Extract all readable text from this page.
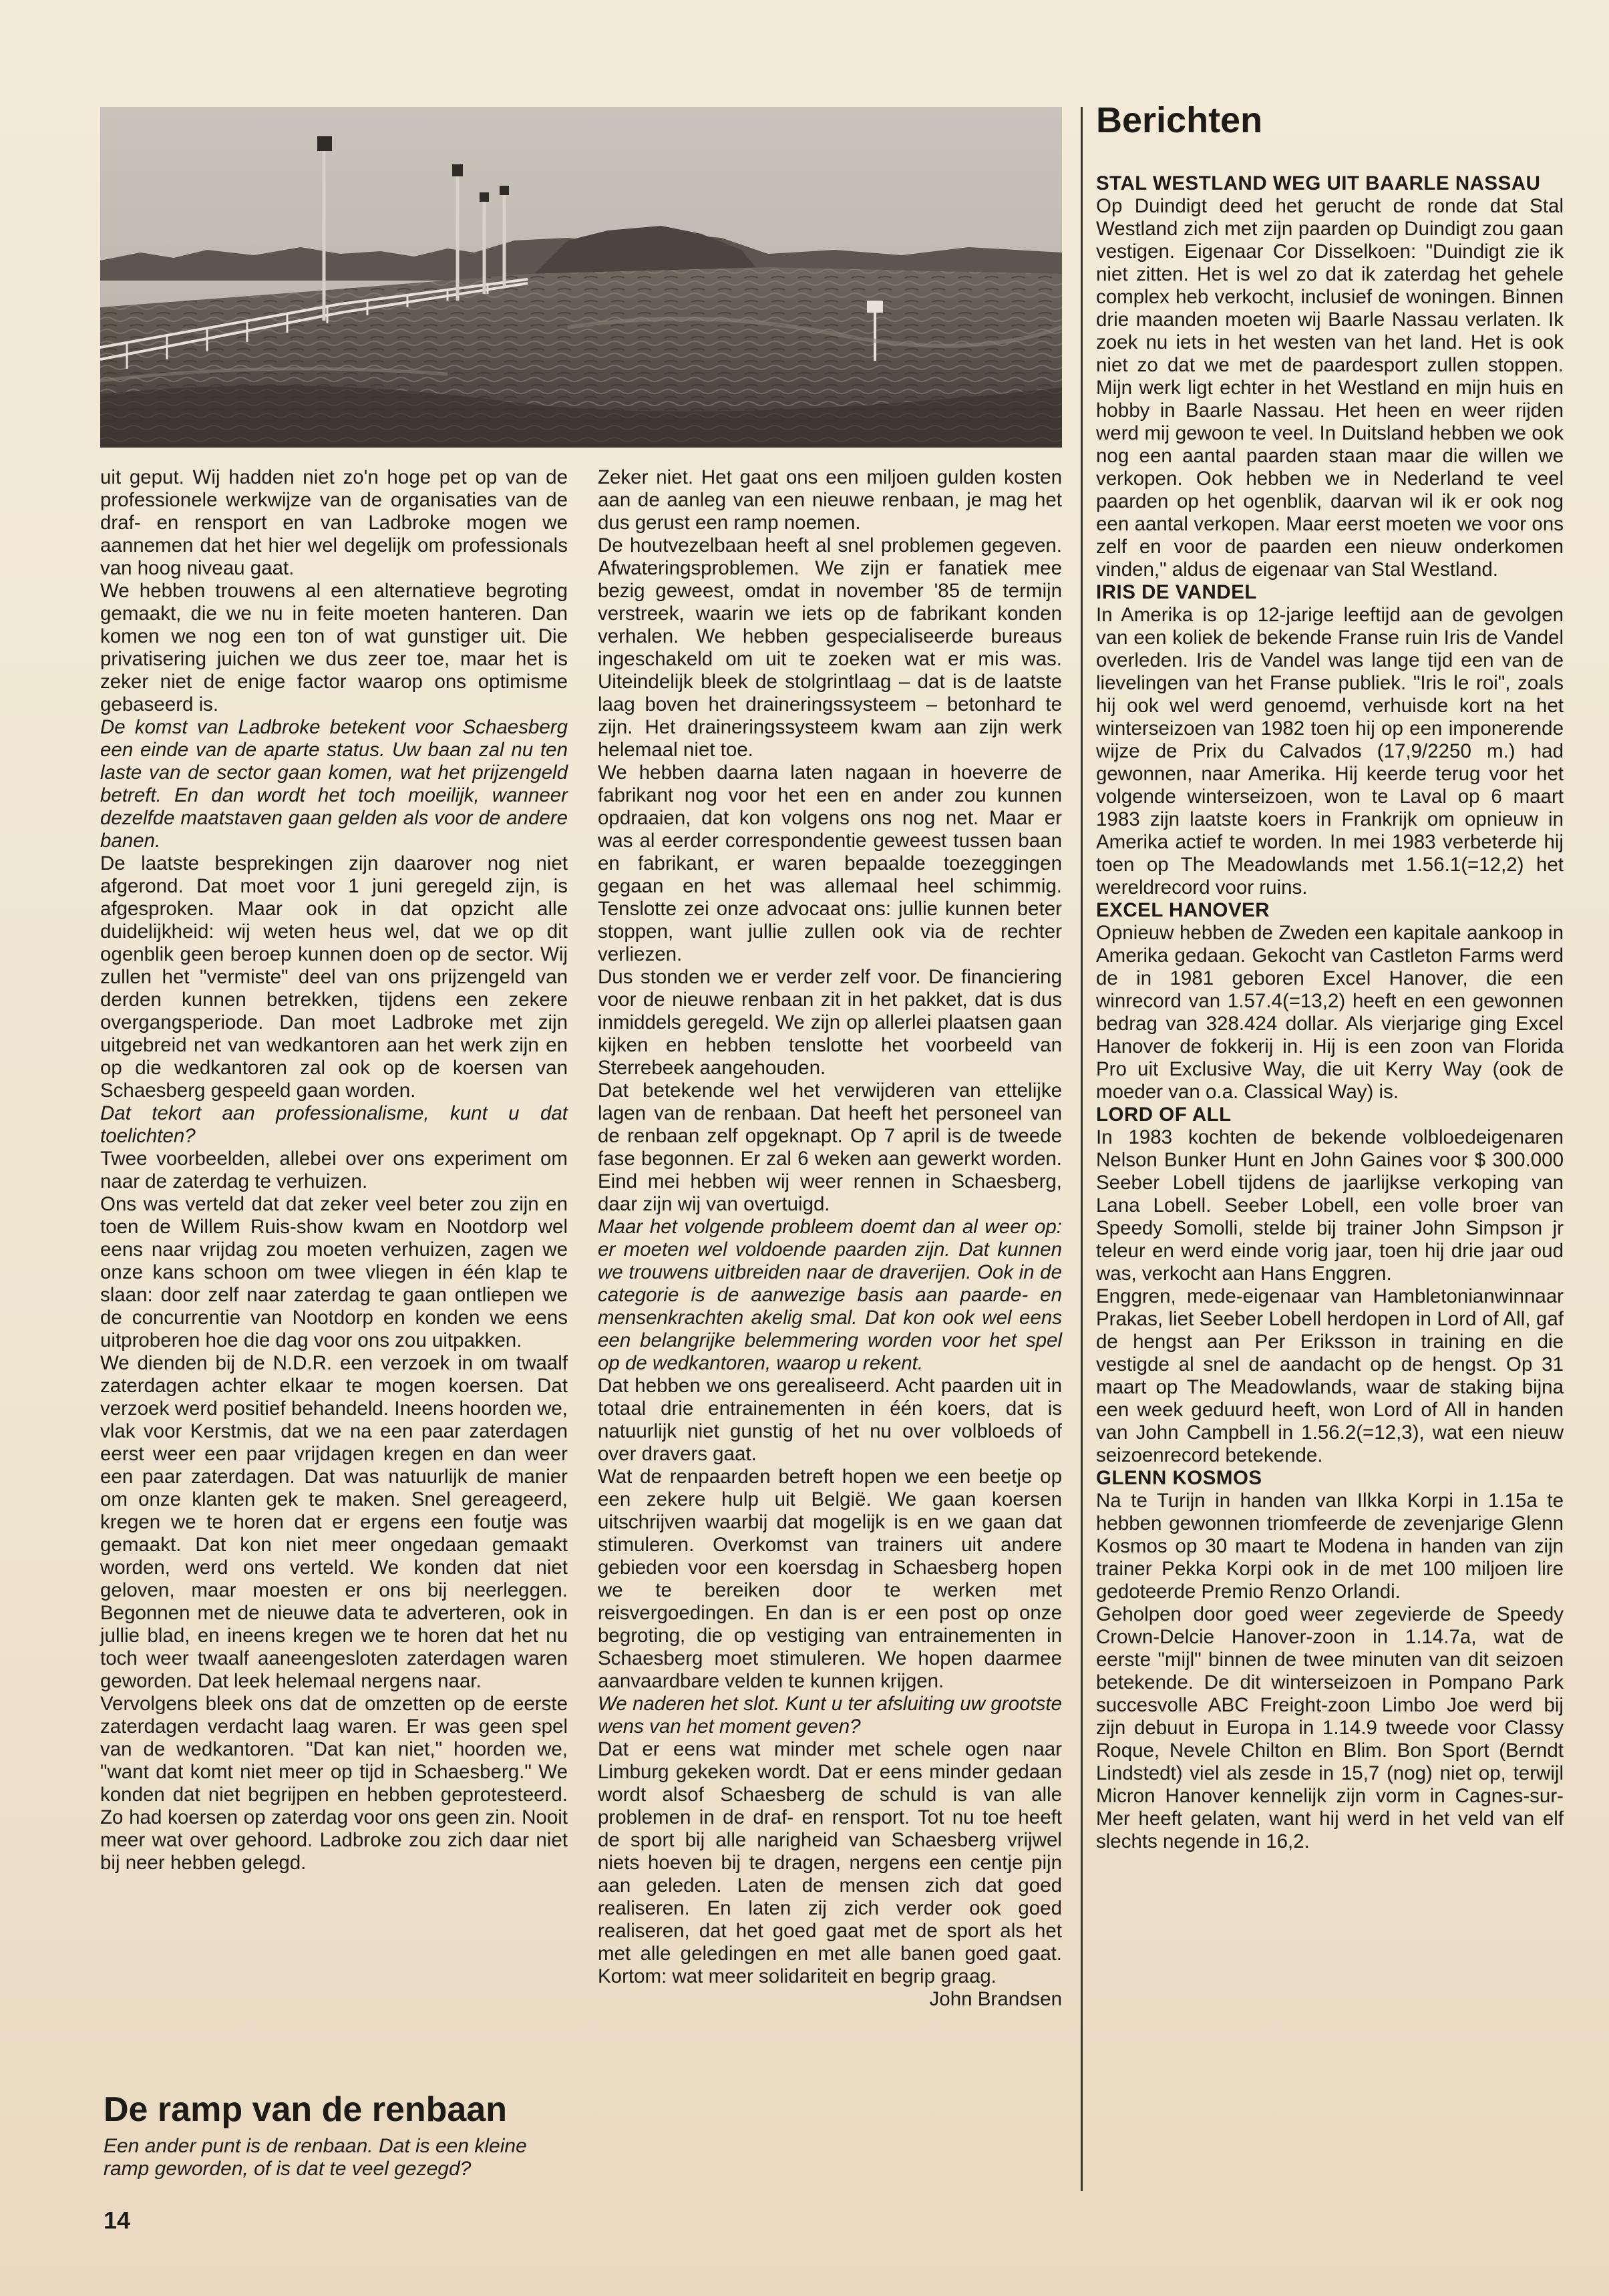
uit geput. Wij hadden niet zo'n hoge pet op van de professionele werkwijze van de organisaties van de draf- en rensport en van Ladbroke mogen we aannemen dat het hier wel degelijk om professionals van hoog niveau gaat.

We hebben trouwens al een alternatieve begroting gemaakt, die we nu in feite moeten hanteren. Dan komen we nog een ton of wat gunstiger uit. Die privatisering juichen we dus zeer toe, maar het is zeker niet de enige factor waarop ons optimisme gebaseerd is.

De komst van Ladbroke betekent voor Schaesberg een einde van de aparte status. Uw baan zal nu ten laste van de sector gaan komen, wat het prijzengeld betreft. En dan wordt het toch moeilijk, wanneer dezelfde maatstaven gaan gelden als voor de andere banen.

De laatste besprekingen zijn daarover nog niet afgerond. Dat moet voor 1 juni geregeld zijn, is afgesproken. Maar ook in dat opzicht alle duidelijkheid: wij weten heus wel, dat we op dit ogenblik geen beroep kunnen doen op de sector. Wij zullen het "vermiste" deel van ons prijzengeld van derden kunnen betrekken, tijdens een zekere overgangsperiode. Dan moet Ladbroke met zijn uitgebreid net van wedkantoren aan het werk zijn en op die wedkantoren zal ook op de koersen van Schaesberg gespeeld gaan worden.

Dat tekort aan professionalisme, kunt u dat toelichten?

Twee voorbeelden, allebei over ons experiment om naar de zaterdag te verhuizen.

Ons was verteld dat dat zeker veel beter zou zijn en toen de Willem Ruis-show kwam en Nootdorp wel eens naar vrijdag zou moeten verhuizen, zagen we onze kans schoon om twee vliegen in één klap te slaan: door zelf naar zaterdag te gaan ontliepen we de concurrentie van Nootdorp en konden we eens uitproberen hoe die dag voor ons zou uitpakken.

We dienden bij de N.D.R. een verzoek in om twaalf zaterdagen achter elkaar te mogen koersen. Dat verzoek werd positief behandeld. Ineens hoorden we, vlak voor Kerstmis, dat we na een paar zaterdagen eerst weer een paar vrijdagen kregen en dan weer een paar zaterdagen. Dat was natuurlijk de manier om onze klanten gek te maken. Snel gereageerd, kregen we te horen dat er ergens een foutje was gemaakt. Dat kon niet meer ongedaan gemaakt worden, werd ons verteld. We konden dat niet geloven, maar moesten er ons bij neerleggen. Begonnen met de nieuwe data te adverteren, ook in jullie blad, en ineens kregen we te horen dat het nu toch weer twaalf aaneengesloten zaterdagen waren geworden. Dat leek helemaal nergens naar.

Vervolgens bleek ons dat de omzetten op de eerste zaterdagen verdacht laag waren. Er was geen spel van de wedkantoren. "Dat kan niet," hoorden we, "want dat komt niet meer op tijd in Schaesberg." We konden dat niet begrijpen en hebben geprotesteerd. Zo had koersen op zaterdag voor ons geen zin. Nooit meer wat over gehoord. Ladbroke zou zich daar niet bij neer hebben gelegd.

Zeker niet. Het gaat ons een miljoen gulden kosten aan de aanleg van een nieuwe renbaan, je mag het dus gerust een ramp noemen.

De houtvezelbaan heeft al snel problemen gegeven. Afwateringsproblemen. We zijn er fanatiek mee bezig geweest, omdat in november '85 de termijn verstreek, waarin we iets op de fabrikant konden verhalen. We hebben gespecialiseerde bureaus ingeschakeld om uit te zoeken wat er mis was. Uiteindelijk bleek de stolgrintlaag – dat is de laatste laag boven het draineringssysteem – betonhard te zijn. Het draineringssysteem kwam aan zijn werk helemaal niet toe.

We hebben daarna laten nagaan in hoeverre de fabrikant nog voor het een en ander zou kunnen opdraaien, dat kon volgens ons nog net. Maar er was al eerder correspondentie geweest tussen baan en fabrikant, er waren bepaalde toezeggingen gegaan en het was allemaal heel schimmig. Tenslotte zei onze advocaat ons: jullie kunnen beter stoppen, want jullie zullen ook via de rechter verliezen.

Dus stonden we er verder zelf voor. De financiering voor de nieuwe renbaan zit in het pakket, dat is dus inmiddels geregeld. We zijn op allerlei plaatsen gaan kijken en hebben tenslotte het voorbeeld van Sterrebeek aangehouden.

Dat betekende wel het verwijderen van ettelijke lagen van de renbaan. Dat heeft het personeel van de renbaan zelf opgeknapt. Op 7 april is de tweede fase begonnen. Er zal 6 weken aan gewerkt worden. Eind mei hebben wij weer rennen in Schaesberg, daar zijn wij van overtuigd.

Maar het volgende probleem doemt dan al weer op: er moeten wel voldoende paarden zijn. Dat kunnen we trouwens uitbreiden naar de draverijen. Ook in de categorie is de aanwezige basis aan paarde- en mensenkrachten akelig smal. Dat kon ook wel eens een belangrijke belemmering worden voor het spel op de wedkantoren, waarop u rekent.

Dat hebben we ons gerealiseerd. Acht paarden uit in totaal drie entrainementen in één koers, dat is natuurlijk niet gunstig of het nu over volbloeds of over dravers gaat.

Wat de renpaarden betreft hopen we een beetje op een zekere hulp uit België. We gaan koersen uitschrijven waarbij dat mogelijk is en we gaan dat stimuleren. Overkomst van trainers uit andere gebieden voor een koersdag in Schaesberg hopen we te bereiken door te werken met reisvergoedingen. En dan is er een post op onze begroting, die op vestiging van entrainementen in Schaesberg moet stimuleren. We hopen daarmee aanvaardbare velden te kunnen krijgen.

We naderen het slot. Kunt u ter afsluiting uw grootste wens van het moment geven?

Dat er eens wat minder met schele ogen naar Limburg gekeken wordt. Dat er eens minder gedaan wordt alsof Schaesberg de schuld is van alle problemen in de draf- en rensport. Tot nu toe heeft de sport bij alle narigheid van Schaesberg vrijwel niets hoeven bij te dragen, nergens een centje pijn aan geleden. Laten de mensen zich dat goed realiseren. En laten zij zich verder ook goed realiseren, dat het goed gaat met de sport als het met alle geledingen en met alle banen goed gaat. Kortom: wat meer solidariteit en begrip graag.

John Brandsen

Berichten

STAL WESTLAND WEG UIT BAARLE NASSAU

Op Duindigt deed het gerucht de ronde dat Stal Westland zich met zijn paarden op Duindigt zou gaan vestigen. Eigenaar Cor Disselkoen: "Duindigt zie ik niet zitten. Het is wel zo dat ik zaterdag het gehele complex heb verkocht, inclusief de woningen. Binnen drie maanden moeten wij Baarle Nassau verlaten. Ik zoek nu iets in het westen van het land. Het is ook niet zo dat we met de paardesport zullen stoppen. Mijn werk ligt echter in het Westland en mijn huis en hobby in Baarle Nassau. Het heen en weer rijden werd mij gewoon te veel. In Duitsland hebben we ook nog een aantal paarden staan maar die willen we verkopen. Ook hebben we in Nederland te veel paarden op het ogenblik, daarvan wil ik er ook nog een aantal verkopen. Maar eerst moeten we voor ons zelf en voor de paarden een nieuw onderkomen vinden," aldus de eigenaar van Stal Westland.

IRIS DE VANDEL

In Amerika is op 12-jarige leeftijd aan de gevolgen van een koliek de bekende Franse ruin Iris de Vandel overleden. Iris de Vandel was lange tijd een van de lievelingen van het Franse publiek. "Iris le roi", zoals hij ook wel werd genoemd, verhuisde kort na het winterseizoen van 1982 toen hij op een imponerende wijze de Prix du Calvados (17,9/2250 m.) had gewonnen, naar Amerika. Hij keerde terug voor het volgende winterseizoen, won te Laval op 6 maart 1983 zijn laatste koers in Frankrijk om opnieuw in Amerika actief te worden. In mei 1983 verbeterde hij toen op The Meadowlands met 1.56.1(=12,2) het wereldrecord voor ruins.

EXCEL HANOVER

Opnieuw hebben de Zweden een kapitale aankoop in Amerika gedaan. Gekocht van Castleton Farms werd de in 1981 geboren Excel Hanover, die een winrecord van 1.57.4(=13,2) heeft en een gewonnen bedrag van 328.424 dollar. Als vierjarige ging Excel Hanover de fokkerij in. Hij is een zoon van Florida Pro uit Exclusive Way, die uit Kerry Way (ook de moeder van o.a. Classical Way) is.

LORD OF ALL

In 1983 kochten de bekende volbloedeigenaren Nelson Bunker Hunt en John Gaines voor $ 300.000 Seeber Lobell tijdens de jaarlijkse verkoping van Lana Lobell. Seeber Lobell, een volle broer van Speedy Somolli, stelde bij trainer John Simpson jr teleur en werd einde vorig jaar, toen hij drie jaar oud was, verkocht aan Hans Enggren.

Enggren, mede-eigenaar van Hambletonianwinnaar Prakas, liet Seeber Lobell herdopen in Lord of All, gaf de hengst aan Per Eriksson in training en die vestigde al snel de aandacht op de hengst. Op 31 maart op The Meadowlands, waar de staking bijna een week geduurd heeft, won Lord of All in handen van John Campbell in 1.56.2(=12,3), wat een nieuw seizoenrecord betekende.

GLENN KOSMOS

Na te Turijn in handen van Ilkka Korpi in 1.15a te hebben gewonnen triomfeerde de zevenjarige Glenn Kosmos op 30 maart te Modena in handen van zijn trainer Pekka Korpi ook in de met 100 miljoen lire gedoteerde Premio Renzo Orlandi.

Geholpen door goed weer zegevierde de Speedy Crown-Delcie Hanover-zoon in 1.14.7a, wat de eerste "mijl" binnen de twee minuten van dit seizoen betekende. De dit winterseizoen in Pompano Park succesvolle ABC Freight-zoon Limbo Joe werd bij zijn debuut in Europa in 1.14.9 tweede voor Classy Roque, Nevele Chilton en Blim. Bon Sport (Berndt Lindstedt) viel als zesde in 15,7 (nog) niet op, terwijl Micron Hanover kennelijk zijn vorm in Cagnes-sur-Mer heeft gelaten, want hij werd in het veld van elf slechts negende in 16,2.

De ramp van de renbaan
Een ander punt is de renbaan. Dat is een kleine ramp geworden, of is dat te veel gezegd?
14
